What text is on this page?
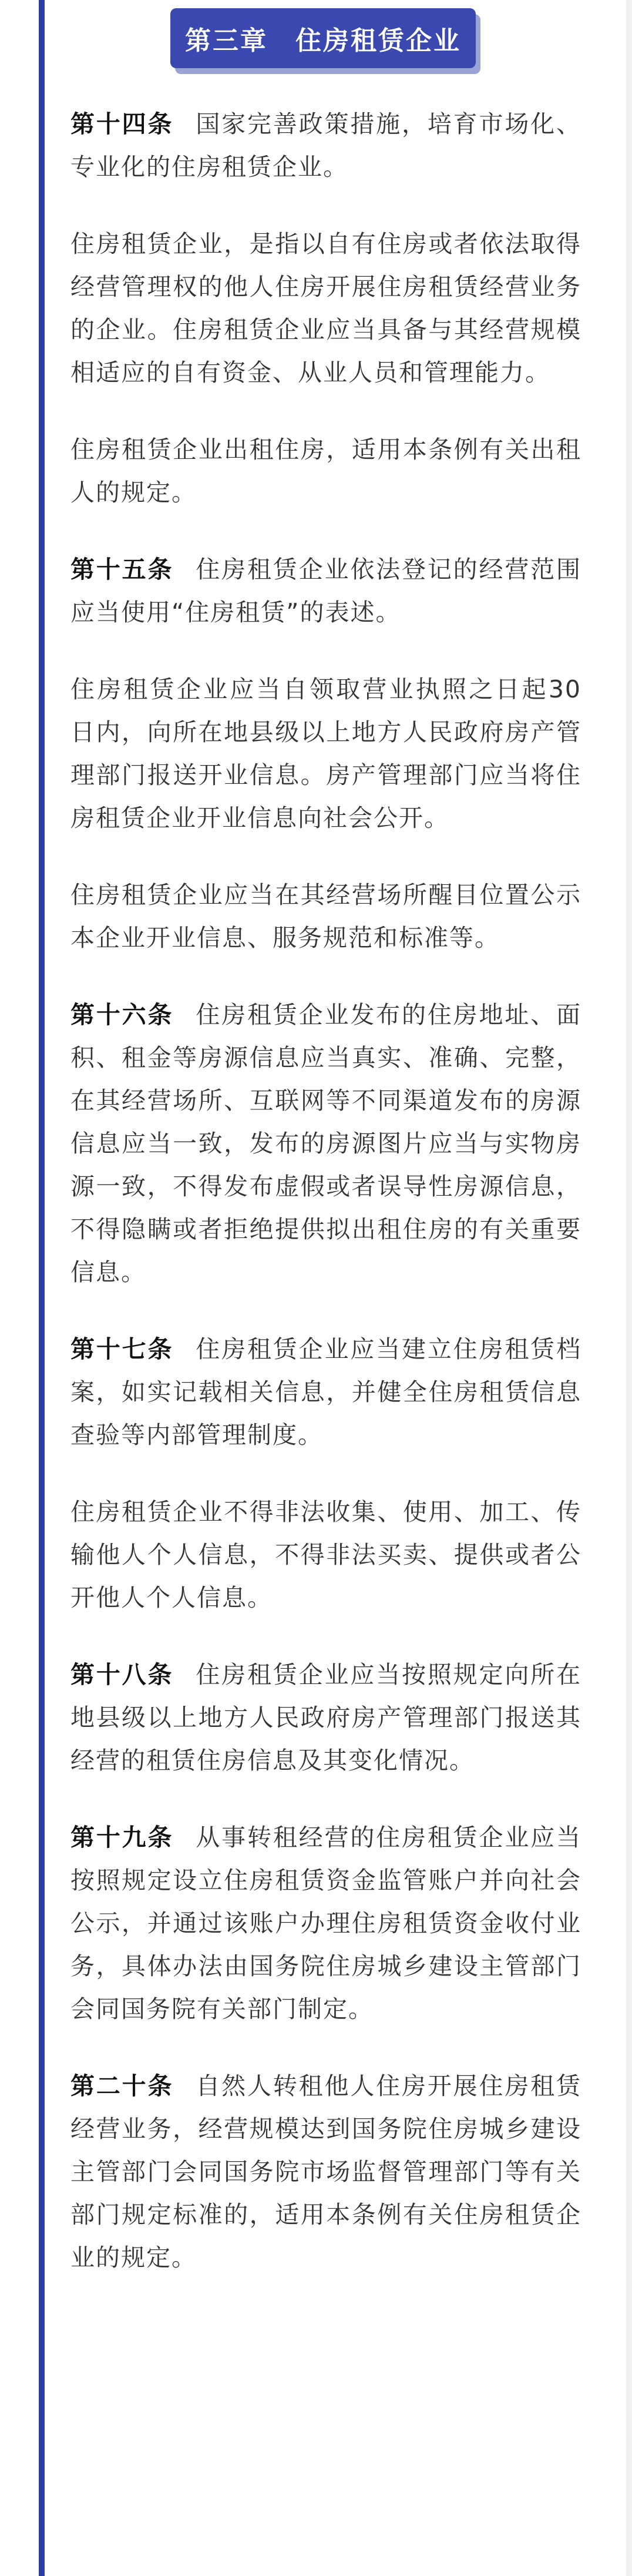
第三章　住房租赁企业

第十四条 国家完善政策措施，培育市场化、专业化的住房租赁企业。

住房租赁企业，是指以自有住房或者依法取得经营管理权的他人住房开展住房租赁经营业务的企业。住房租赁企业应当具备与其经营规模相适应的自有资金、从业人员和管理能力。

住房租赁企业出租住房，适用本条例有关出租人的规定。

第十五条 住房租赁企业依法登记的经营范围应当使用“住房租赁”的表述。

住房租赁企业应当自领取营业执照之日起30日内，向所在地县级以上地方人民政府房产管理部门报送开业信息。房产管理部门应当将住房租赁企业开业信息向社会公开。

住房租赁企业应当在其经营场所醒目位置公示本企业开业信息、服务规范和标准等。

第十六条 住房租赁企业发布的住房地址、面积、租金等房源信息应当真实、准确、完整，在其经营场所、互联网等不同渠道发布的房源信息应当一致，发布的房源图片应当与实物房源一致，不得发布虚假或者误导性房源信息，不得隐瞒或者拒绝提供拟出租住房的有关重要信息。

第十七条 住房租赁企业应当建立住房租赁档案，如实记载相关信息，并健全住房租赁信息查验等内部管理制度。

住房租赁企业不得非法收集、使用、加工、传输他人个人信息，不得非法买卖、提供或者公开他人个人信息。

第十八条 住房租赁企业应当按照规定向所在地县级以上地方人民政府房产管理部门报送其经营的租赁住房信息及其变化情况。

第十九条 从事转租经营的住房租赁企业应当按照规定设立住房租赁资金监管账户并向社会公示，并通过该账户办理住房租赁资金收付业务，具体办法由国务院住房城乡建设主管部门会同国务院有关部门制定。

第二十条 自然人转租他人住房开展住房租赁经营业务，经营规模达到国务院住房城乡建设主管部门会同国务院市场监督管理部门等有关部门规定标准的，适用本条例有关住房租赁企业的规定。
